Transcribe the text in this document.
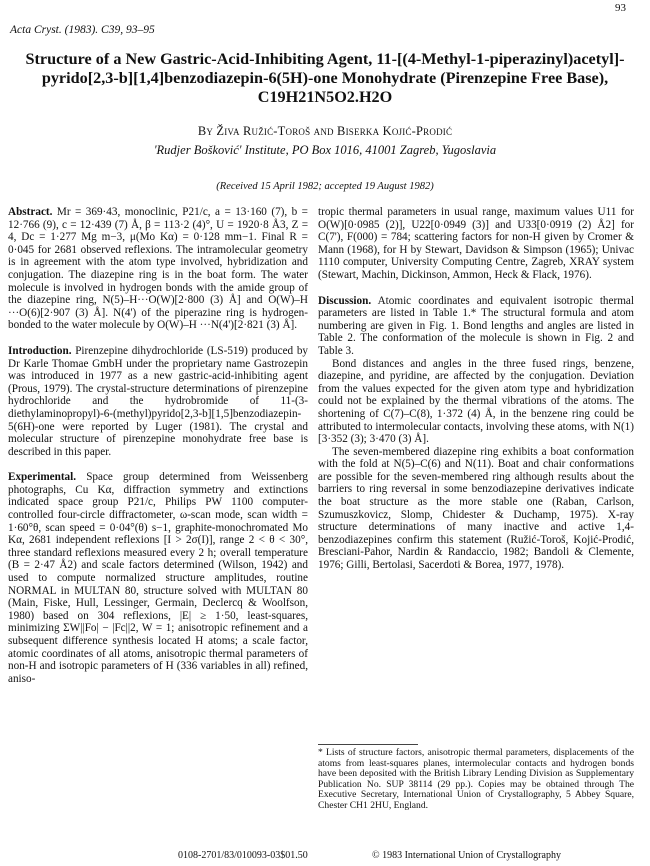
93
Acta Cryst. (1983). C39, 93–95
Structure of a New Gastric-Acid-Inhibiting Agent, 11-[(4-Methyl-1-piperazinyl)acetyl]-
pyrido[2,3-b][1,4]benzodiazepin-6(5H)-one Monohydrate (Pirenzepine Free Base),
C19H21N5O2.H2O
By Živa Ružić-Toroš and Biserka Kojić-Prodić
'Rudjer Bošković' Institute, PO Box 1016, 41001 Zagreb, Yugoslavia
(Received 15 April 1982; accepted 19 August 1982)

Abstract. Mr = 369·43, monoclinic, P21/c, a = 13·160 (7), b = 12·766 (9), c = 12·439 (7) Å, β = 113·2 (4)°, U = 1920·8 Å3, Z = 4, Dc = 1·277 Mg m−3, μ(Mo Kα) = 0·128 mm−1. Final R = 0·045 for 2681 observed reflexions. The intramolecular geometry is in agreement with the atom type involved, hybridization and conjugation. The diazepine ring is in the boat form. The water molecule is involved in hydrogen bonds with the amide group of the diazepine ring, N(5)–H···O(W)[2·800 (3) Å] and O(W)–H ···O(6)[2·907 (3) Å]. N(4') of the piperazine ring is hydrogen-bonded to the water molecule by O(W)–H ···N(4')[2·821 (3) Å].

Introduction. Pirenzepine dihydrochloride (LS-519) produced by Dr Karle Thomae GmbH under the proprietary name Gastrozepin was introduced in 1977 as a new gastric-acid-inhibiting agent (Prous, 1979). The crystal-structure determinations of pirenzepine hydrochloride and the hydrobromide of 11-(3-diethylaminopropyl)-6-(methyl)pyrido[2,3-b][1,5]benzodiazepin-5(6H)-one were reported by Luger (1981). The crystal and molecular structure of pirenzepine monohydrate free base is described in this paper.

Experimental. Space group determined from Weissenberg photographs, Cu Kα, diffraction symmetry and extinctions indicated space group P21/c, Philips PW 1100 computer-controlled four-circle diffractometer, ω-scan mode, scan width = 1·60°θ, scan speed = 0·04°(θ) s−1, graphite-monochromated Mo Kα, 2681 independent reflexions [I > 2σ(I)], range 2 < θ < 30°, three standard reflexions measured every 2 h; overall temperature (B = 2·47 Å2) and scale factors determined (Wilson, 1942) and used to compute normalized structure amplitudes, routine NORMAL in MULTAN 80, structure solved with MULTAN 80 (Main, Fiske, Hull, Lessinger, Germain, Declercq & Woolfson, 1980) based on 304 reflexions, |E| ≥ 1·50, least-squares, minimizing ΣW||Fo| − |Fc||2, W = 1; anisotropic refinement and a subsequent difference synthesis located H atoms; a scale factor, atomic coordinates of all atoms, anisotropic thermal parameters of non-H and isotropic parameters of H (336 variables in all) refined, aniso-

tropic thermal parameters in usual range, maximum values U11 for O(W)[0·0985 (2)], U22[0·0949 (3)] and U33[0·0919 (2) Å2] for C(7'), F(000) = 784; scattering factors for non-H given by Cromer & Mann (1968), for H by Stewart, Davidson & Simpson (1965); Univac 1110 computer, University Computing Centre, Zagreb, XRAY system (Stewart, Machin, Dickinson, Ammon, Heck & Flack, 1976).

Discussion. Atomic coordinates and equivalent isotropic thermal parameters are listed in Table 1.* The structural formula and atom numbering are given in Fig. 1. Bond lengths and angles are listed in Table 2. The conformation of the molecule is shown in Fig. 2 and Table 3.

Bond distances and angles in the three fused rings, benzene, diazepine, and pyridine, are affected by the conjugation. Deviation from the values expected for the given atom type and hybridization could not be explained by the thermal vibrations of the atoms. The shortening of C(7)–C(8), 1·372 (4) Å, in the benzene ring could be attributed to intermolecular contacts, involving these atoms, with N(1) [3·352 (3); 3·470 (3) Å].

The seven-membered diazepine ring exhibits a boat conformation with the fold at N(5)–C(6) and N(11). Boat and chair conformations are possible for the seven-membered ring although results about the barriers to ring reversal in some benzodiazepine derivatives indicate the boat structure as the more stable one (Raban, Carlson, Szumuszkovicz, Slomp, Chidester & Duchamp, 1975). X-ray structure determinations of many inactive and active 1,4-benzodiazepines confirm this statement (Ružić-Toroš, Kojić-Prodić, Bresciani-Pahor, Nardin & Randaccio, 1982; Bandoli & Clemente, 1976; Gilli, Bertolasi, Sacerdoti & Borea, 1977, 1978).

* Lists of structure factors, anisotropic thermal parameters, displacements of the atoms from least-squares planes, intermolecular contacts and hydrogen bonds have been deposited with the British Library Lending Division as Supplementary Publication No. SUP 38114 (29 pp.). Copies may be obtained through The Executive Secretary, International Union of Crystallography, 5 Abbey Square, Chester CH1 2HU, England.
0108-2701/83/010093-03$01.50	© 1983 International Union of Crystallography
